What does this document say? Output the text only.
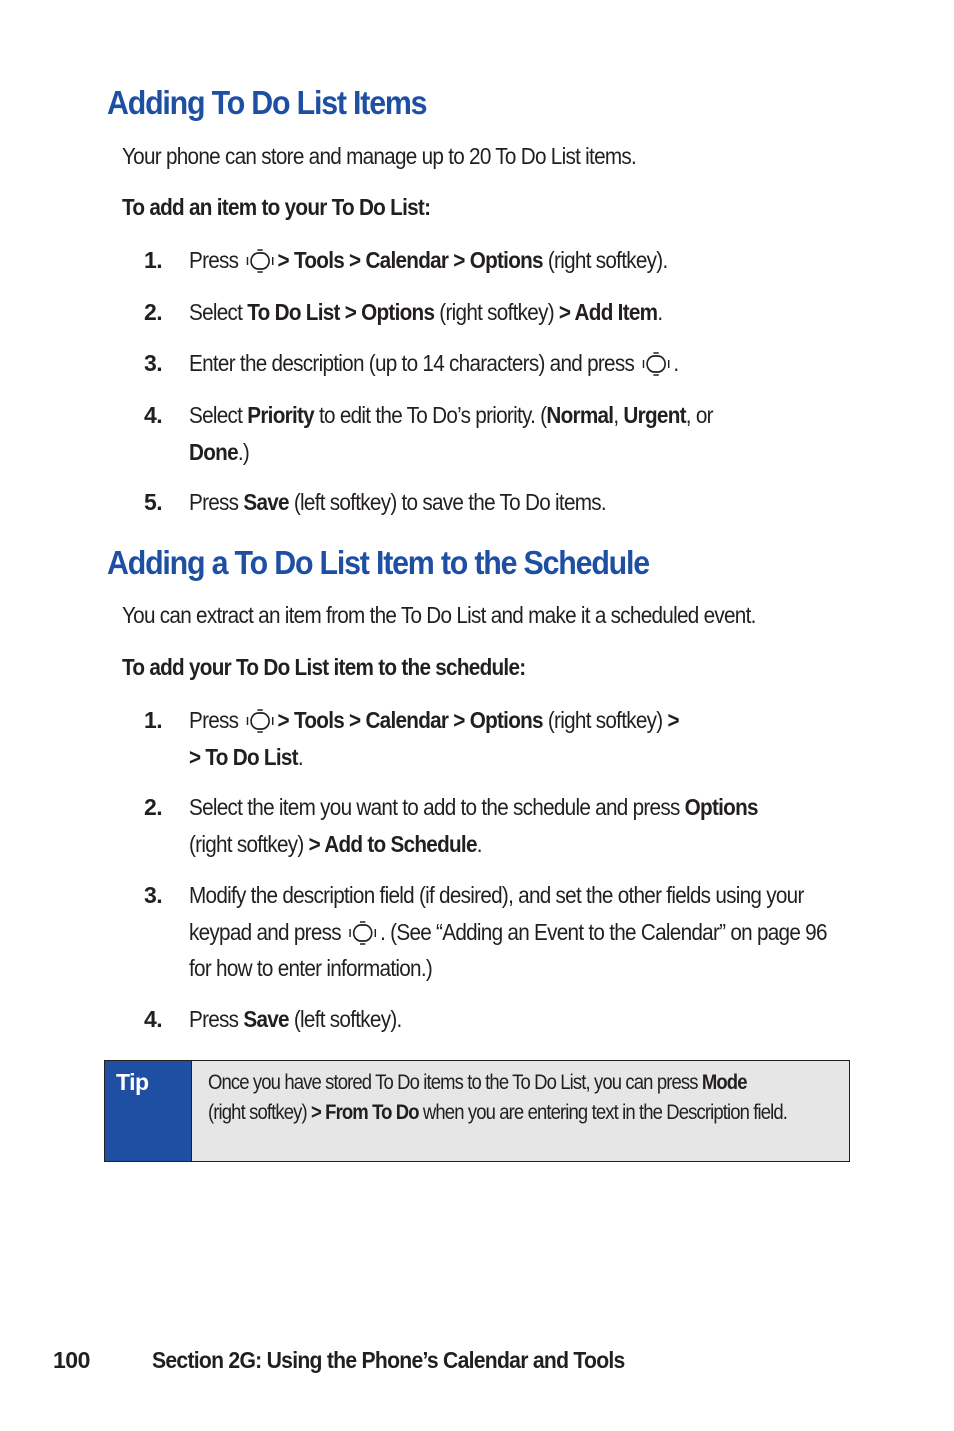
Adding To Do List Items
Your phone can store and manage up to 20 To Do List items.
To add an item to your To Do List:
1. Press > Tools > Calendar > Options (right softkey).
2. Select To Do List > Options (right softkey) > Add Item.
3. Enter the description (up to 14 characters) and press .
4. Select Priority to edit the To Do’s priority. (Normal, Urgent, or
Done.)
5. Press Save (left softkey) to save the To Do items.
Adding a To Do List Item to the Schedule
You can extract an item from the To Do List and make it a scheduled event.
To add your To Do List item to the schedule:
1. Press > Tools > Calendar > Options (right softkey) >
> To Do List.
2. Select the item you want to add to the schedule and press Options
(right softkey) > Add to Schedule.
3. Modify the description field (if desired), and set the other fields using your keypad and press . (See “Adding an Event to the Calendar” on page 96 for how to enter information.)
4. Press Save (left softkey).
Tip	Once you have stored To Do items to the To Do List, you can press Mode
(right softkey) > From To Do when you are entering text in the Description field.
100	Section 2G: Using the Phone’s Calendar and Tools
